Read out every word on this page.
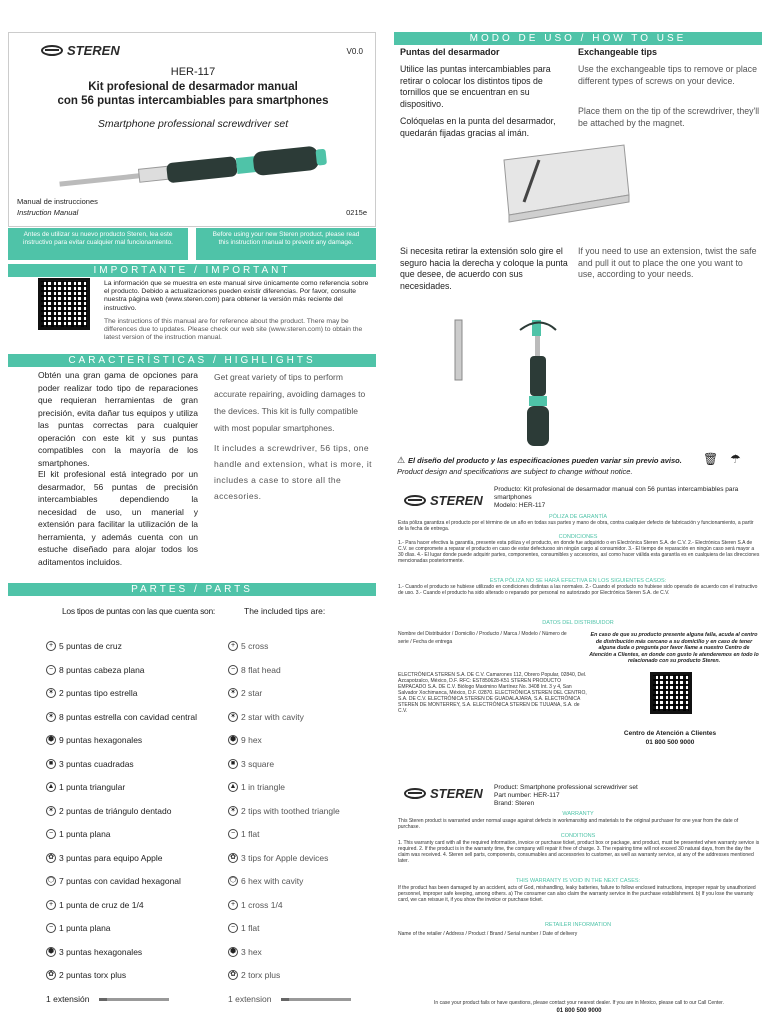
STEREN	V0.0
HER-117
Kit profesional de desarmador manual
con 56 puntas intercambiables para smartphones
Smartphone professional screwdriver set
Manual de instrucciones
Instruction Manual	0215e
Antes de utilizar su nuevo producto Steren, lea este instructivo para evitar cualquier mal funcionamiento.
Before using your new Steren product, please read this instruction manual to prevent any damage.
IMPORTANTE / IMPORTANT
La información que se muestra en este manual sirve únicamente como referencia sobre el producto. Debido a actualizaciones pueden existir diferencias. Por favor, consulte nuestra página web (www.steren.com) para obtener la versión más reciente del instructivo.
The instructions of this manual are for reference about the product. There may be differences due to updates. Please check our web site (www.steren.com) to obtain the latest version of the instruction manual.
CARACTERÍSTICAS / HIGHLIGHTS
Obtén una gran gama de opciones para poder realizar todo tipo de reparaciones que requieran herramientas de gran precisión, evita dañar tus equipos y utiliza las puntas correctas para cualquier operación con este kit y sus puntas compatibles con la mayoría de los smartphones.
El kit profesional está integrado por un desarmador, 56 puntas de precisión intercambiables dependiendo la necesidad de uso, un manerial y extensión para facilitar la utilización de la herramienta, y además cuenta con un estuche diseñado para alojar todos los aditamentos incluidos.
Get great variety of tips to perform accurate repairing, avoiding damages to the devices. This kit is fully compatible with most popular smartphones.
It includes a screwdriver, 56 tips, one handle and extension, what is more, it includes a case to store all the accesories.
PARTES / PARTS
Los tipos de puntas con las que cuenta son:	The included tips are:
+ 5 puntas de cruz	+ 5 cross
− 8 puntas cabeza plana	− 8 flat head
✶ 2 puntas tipo estrella	✶ 2 star
✶ 8 puntas estrella con cavidad central	✶ 2 star with cavity
⬢ 9 puntas hexagonales	⬢ 9 hex
■ 3 puntas cuadradas	■ 3 square
▲ 1 punta triangular	▲ 1 in triangle
✶ 2 puntas de triángulo dentado	✶ 2 tips with toothed triangle
− 1 punta plana	− 1 flat
✿ 3 puntas para equipo Apple	✿ 3 tips for Apple devices
⬡ 7 puntas con cavidad hexagonal	⬡ 6 hex with cavity
+ 1 punta de cruz de 1/4	+ 1 cross 1/4
− 1 punta plana	− 1 flat
⬢ 3 puntas hexagonales	⬢ 3 hex
✿ 2 puntas torx plus	✿ 2 torx plus
1 extensión	1 extension
MODO DE USO / HOW TO USE
Puntas del desarmador	Exchangeable tips
Utilice las puntas intercambiables para retirar o colocar los distintos tipos de tornillos que se encuentran en su dispositivo.
Use the exchangeable tips to remove or place different types of screws on your device.
Colóquelas en la punta del desarmador, quedarán fijadas gracias al imán.
Place them on the tip of the screwdriver, they'll be attached by the magnet.
Si necesita retirar la extensión solo gire el seguro hacia la derecha y coloque la punta que desee, de acuerdo con sus necesidades.
If you need to use an extension, twist the safe and pull it out to place the one you want to use, according to your needs.
⚠ El diseño del producto y las especificaciones pueden variar sin previo aviso.
Product design and specifications are subject to change without notice.
🗑 ☂
STEREN
Producto: Kit profesional de desarmador manual con 56 puntas intercambiables para smartphones
Modelo: HER-117
PÓLIZA DE GARANTÍA
Esta póliza garantiza el producto por el término de un año en todas sus partes y mano de obra, contra cualquier defecto de fabricación y funcionamiento, a partir de la fecha de entrega.
CONDICIONES
1.- Para hacer efectiva la garantía, presente esta póliza y el producto, en donde fue adquirido o en Electrónica Steren S.A. de C.V. 2.- Electrónica Steren S.A de C.V. se compromete a reparar el producto en caso de estar defectuoso sin ningún cargo al consumidor. 3.- El tiempo de reparación en ningún caso será mayor a 30 días. 4.- El lugar donde puede adquirir partes, componentes, consumibles y accesorios, así como hacer válida esta garantía es en cualquiera de las direcciones mencionadas posteriormente.
ESTA PÓLIZA NO SE HARÁ EFECTIVA EN LOS SIGUIENTES CASOS:
1.- Cuando el producto se hubiese utilizado en condiciones distintas a las normales. 2.- Cuando el producto no hubiese sido operado de acuerdo con el instructivo de uso. 3.- Cuando el producto ha sido alterado o reparado por personal no autorizado por Electrónica Steren S.A. de C.V.
DATOS DEL DISTRIBUIDOR
Nombre del Distribuidor / Domicilio / Producto / Marca / Modelo / Número de serie / Fecha de entrega
En caso de que su producto presente alguna falla, acuda al centro de distribución más cercano a su domicilio y en caso de tener alguna duda o pregunta por favor llame a nuestro Centro de Atención a Clientes, en donde con gusto le atenderemos en todo lo relacionado con su producto Steren.
ELECTRÓNICA STEREN S.A. DE C.V. Camarones 112, Obrero Popular, 02840, Del. Azcapotzalco, México, D.F. RFC: EST850628-K51 STEREN PRODUCTO EMPACADO S.A. DE C.V. Biólogo Maximino Martínez No. 3408 Int. 3 y 4, San Salvador Xochimanca, México, D.F. 02870. ELECTRÓNICA STEREN DEL CENTRO, S.A. DE C.V. ELECTRÓNICA STEREN DE GUADALAJARA, S.A. ELECTRÓNICA STEREN DE MONTERREY, S.A. ELECTRÓNICA STEREN DE TIJUANA, S.A. de C.V.
Centro de Atención a Clientes
01 800 500 9000
STEREN Product: Smartphone professional screwdriver set
Part number: HER-117
Brand: Steren
WARRANTY
This Steren product is warranted under normal usage against defects in workmanship and materials to the original purchaser for one year from the date of purchase.
CONDITIONS
1. This warranty card with all the required information, invoice or purchase ticket, product box or package, and product, must be presented when warranty service is required. 2. If the product is in the warranty time, the company will repair it free of charge. 3. The repairing time will not exceed 30 natural days, from the day the claim was received. 4. Steren sell parts, components, consumables and accessories to customer, as well as warranty service, at any of the addresses mentioned later.
THIS WARRANTY IS VOID IN THE NEXT CASES:
If the product has been damaged by an accident, acts of God, mishandling, leaky batteries, failure to follow enclosed instructions, improper repair by unauthorized personnel, improper safe keeping, among others. a) The consumer can also claim the warranty service in the purchase establishment. b) If you lose the warranty card, we can reissue it, if you show the invoice or purchase ticket.
RETAILER INFORMATION
Name of the retailer / Address / Product / Brand / Serial number / Date of delivery
In case your product fails or have questions, please contact your nearest dealer. If you are in Mexico, please call to our Call Center.
01 800 500 9000
